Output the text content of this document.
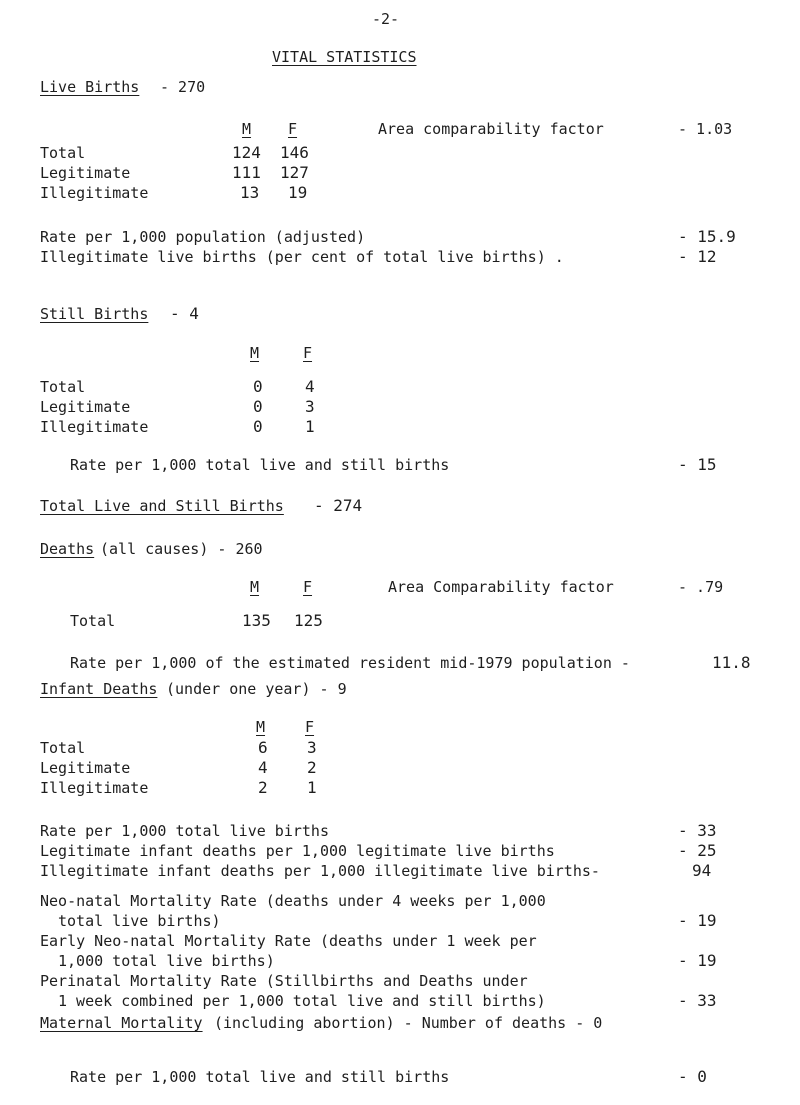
-2-
VITAL STATISTICS
Live Births - 270
M F	Area comparability factor	- 1.03
Total	124 146
Legitimate	111 127
Illegitimate	13 19
Rate per 1,000 population (adjusted)	- 15.9
Illegitimate live births (per cent of total live births) .	- 12
Still Births - 4
M	F
Total	0	4
Legitimate	0	3
Illegitimate	0	1
Rate per 1,000 total live and still births	- 15
Total Live and Still Births - 274
Deaths (all causes) - 260
M	F	Area Comparability factor	- .79
Total	135 125
Rate per 1,000 of the estimated resident mid-1979 population -	11.8
Infant Deaths (under one year) - 9
M	F
Total	6 3
Legitimate	4 2
Illegitimate	2 1
Rate per 1,000 total live births	- 33
Legitimate infant deaths per 1,000 legitimate live births	- 25
Illegitimate infant deaths per 1,000 illegitimate live births-	94
Neo-natal Mortality Rate (deaths under 4 weeks per 1,000
total live births)	- 19
Early Neo-natal Mortality Rate (deaths under 1 week per
1,000 total live births)	- 19
Perinatal Mortality Rate (Stillbirths and Deaths under
1 week combined per 1,000 total live and still births)	- 33
Maternal Mortality (including abortion) - Number of deaths - 0
Rate per 1,000 total live and still births	- 0
